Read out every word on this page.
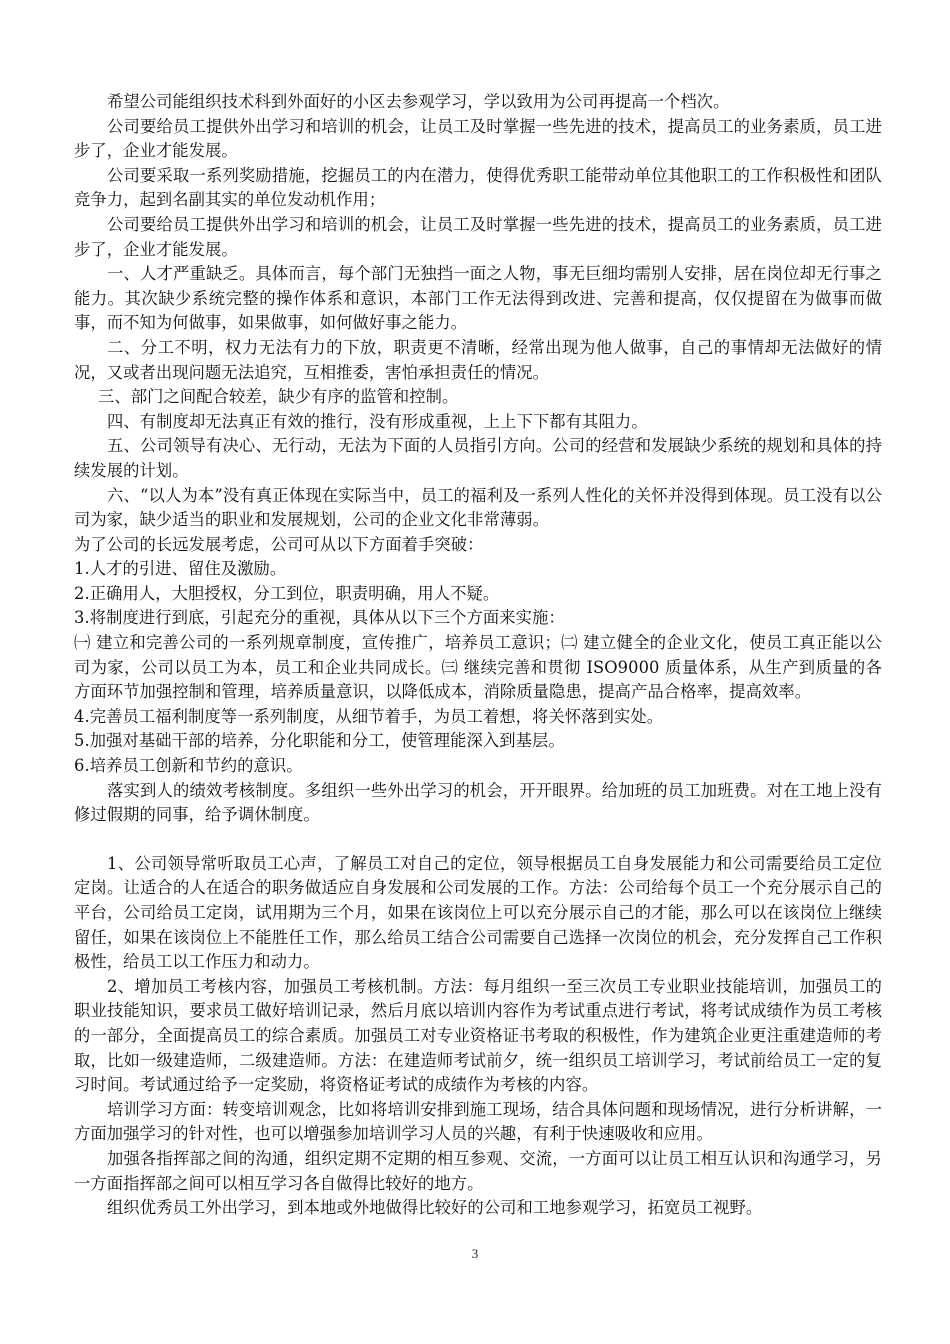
希望公司能组织技术科到外面好的小区去参观学习，学以致用为公司再提高一个档次。

公司要给员工提供外出学习和培训的机会，让员工及时掌握一些先进的技术，提高员工的业务素质，员工进步了，企业才能发展。

公司要采取一系列奖励措施，挖掘员工的内在潜力，使得优秀职工能带动单位其他职工的工作积极性和团队竞争力，起到名副其实的单位发动机作用；

公司要给员工提供外出学习和培训的机会，让员工及时掌握一些先进的技术，提高员工的业务素质，员工进步了，企业才能发展。

一、人才严重缺乏。具体而言，每个部门无独挡一面之人物，事无巨细均需别人安排，居在岗位却无行事之能力。其次缺少系统完整的操作体系和意识，本部门工作无法得到改进、完善和提高，仅仅提留在为做事而做事，而不知为何做事，如果做事，如何做好事之能力。

二、分工不明，权力无法有力的下放，职责更不清晰，经常出现为他人做事，自己的事情却无法做好的情况，又或者出现问题无法追究，互相推委，害怕承担责任的情况。

三、部门之间配合较差，缺少有序的监管和控制。

四、有制度却无法真正有效的推行，没有形成重视，上上下下都有其阻力。

五、公司领导有决心、无行动，无法为下面的人员指引方向。公司的经营和发展缺少系统的规划和具体的持续发展的计划。

六、“以人为本”没有真正体现在实际当中，员工的福利及一系列人性化的关怀并没得到体现。员工没有以公司为家，缺少适当的职业和发展规划，公司的企业文化非常薄弱。

为了公司的长远发展考虑，公司可从以下方面着手突破：

1.人才的引进、留住及激励。

2.正确用人，大胆授权，分工到位，职责明确，用人不疑。

3.将制度进行到底，引起充分的重视，具体从以下三个方面来实施：

㈠ 建立和完善公司的一系列规章制度，宣传推广，培养员工意识；㈡ 建立健全的企业文化，使员工真正能以公司为家，公司以员工为本，员工和企业共同成长。㈢ 继续完善和贯彻 ISO9000 质量体系，从生产到质量的各方面环节加强控制和管理，培养质量意识，以降低成本，消除质量隐患，提高产品合格率，提高效率。

4.完善员工福利制度等一系列制度，从细节着手，为员工着想，将关怀落到实处。

5.加强对基础干部的培养，分化职能和分工，使管理能深入到基层。

6.培养员工创新和节约的意识。

落实到人的绩效考核制度。多组织一些外出学习的机会，开开眼界。给加班的员工加班费。对在工地上没有修过假期的同事，给予调休制度。

1、公司领导常听取员工心声，了解员工对自己的定位，领导根据员工自身发展能力和公司需要给员工定位定岗。让适合的人在适合的职务做适应自身发展和公司发展的工作。方法：公司给每个员工一个充分展示自己的平台，公司给员工定岗，试用期为三个月，如果在该岗位上可以充分展示自己的才能，那么可以在该岗位上继续留任，如果在该岗位上不能胜任工作，那么给员工结合公司需要自己选择一次岗位的机会，充分发挥自己工作积极性，给员工以工作压力和动力。

2、增加员工考核内容，加强员工考核机制。方法：每月组织一至三次员工专业职业技能培训，加强员工的职业技能知识，要求员工做好培训记录，然后月底以培训内容作为考试重点进行考试，将考试成绩作为员工考核的一部分，全面提高员工的综合素质。加强员工对专业资格证书考取的积极性，作为建筑企业更注重建造师的考取，比如一级建造师，二级建造师。方法：在建造师考试前夕，统一组织员工培训学习，考试前给员工一定的复习时间。考试通过给予一定奖励，将资格证考试的成绩作为考核的内容。

培训学习方面：转变培训观念，比如将培训安排到施工现场，结合具体问题和现场情况，进行分析讲解，一方面加强学习的针对性，也可以增强参加培训学习人员的兴趣，有利于快速吸收和应用。

加强各指挥部之间的沟通，组织定期不定期的相互参观、交流，一方面可以让员工相互认识和沟通学习，另一方面指挥部之间可以相互学习各自做得比较好的地方。

组织优秀员工外出学习，到本地或外地做得比较好的公司和工地参观学习，拓宽员工视野。

3
